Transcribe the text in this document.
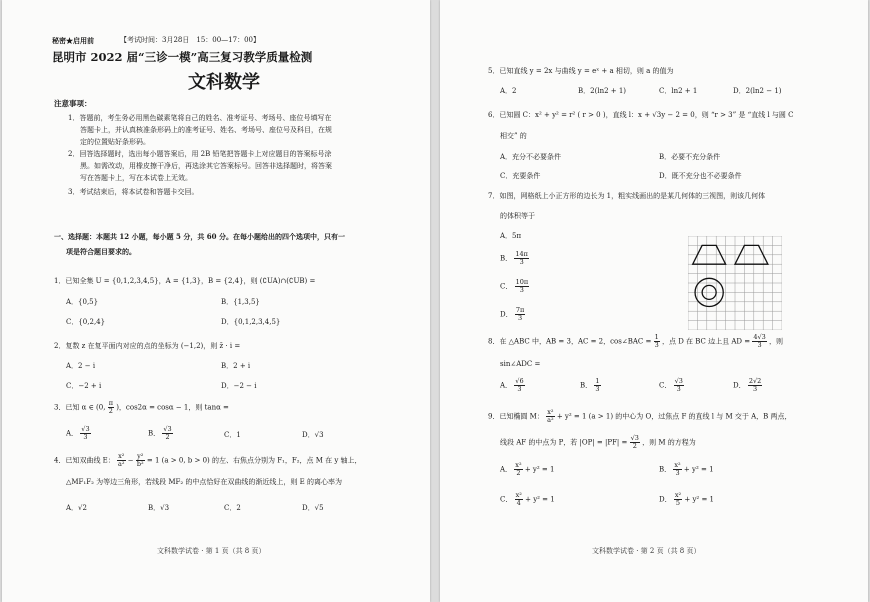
秘密★启用前	【考试时间：3月28日　15：00—17：00】
昆明市 2022 届“三诊一模”高三复习教学质量检测
文科数学
注意事项：
1．答题前，考生务必用黑色碳素笔将自己的姓名、准考证号、考场号、座位号填写在
答题卡上，并认真核准条形码上的准考证号、姓名、考场号、座位号及科目，在规
定的位置贴好条形码。
2．回答选择题时，选出每小题答案后，用 2B 铅笔把答题卡上对应题目的答案标号涂
黑。如需改动，用橡皮擦干净后，再选涂其它答案标号。回答非选择题时，将答案
写在答题卡上，写在本试卷上无效。
3．考试结束后，将本试卷和答题卡交回。
一、选择题：本题共 12 小题，每小题 5 分，共 60 分。在每小题给出的四个选项中，只有一
项是符合题目要求的。
1．已知全集 U = {0,1,2,3,4,5}，A = {1,3}，B = {2,4}，则 (∁UA)∩(∁UB) =
A．{0,5}	B．{1,3,5}
C．{0,2,4}	D．{0,1,2,3,4,5}
2．复数 z 在复平面内对应的点的坐标为 (−1,2)，则 z̄ · i =
A．2 − i	B．2 + i
C．−2 + i	D．−2 − i
3．已知 α ∈ (0, $\frac{\pi}{2}$ )，cos2α = cosα − 1，则 tanα =
A． $\frac{√3}{3}$	B． $\frac{√3}{2}$	C．1	D．√3
4．已知双曲线 E： $\frac{\text{x²}}{\text{a²}} - \frac{\text{y²}}{\text{b²}} = 1$ (a > 0, b > 0) 的左、右焦点分别为 F₁，F₂，点 M 在 y 轴上，
△MF₁F₂ 为等边三角形，若线段 MF₂ 的中点恰好在双曲线的渐近线上，则 E 的离心率为
A．√2	B．√3	C．2	D．√5
文科数学试卷 · 第 1 页（共 8 页）
5．已知直线 y = 2x 与曲线 y = eˣ + a 相切，则 a 的值为
A．2	B．2(ln2 + 1)	C．ln2 + 1	D．2(ln2 − 1)
6．已知圆 C：x² + y² = r² ( r > 0 )，直线 l：x + √3y − 2 = 0，则 “r > 3” 是 “直线 l 与圆 C
相交” 的
A．充分不必要条件	B．必要不充分条件
C．充要条件	D．既不充分也不必要条件
7．如图，网格纸上小正方形的边长为 1，粗实线画出的是某几何体的三视图，则该几何体
的体积等于
A．5π
B． $\frac{14\pi}{3}$
C． $\frac{10\pi}{3}$
D． $\frac{7\pi}{3}$
8．在 △ABC 中，AB = 3，AC = 2，cos∠BAC = $\frac{1}{3}$ ，点 D 在 BC 边上且 AD = $\frac{4√3}{3}$ ，则
sin∠ADC =
A． $\frac{√6}{3}$	B． $\frac{1}{3}$	C． $\frac{√3}{3}$	D． $\frac{2√2}{3}$
9．已知椭圆 M： $\frac{\text{x²}}{\text{a²}} + y^2 = 1$ (a > 1) 的中心为 O，过焦点 F 的直线 l 与 M 交于 A，B 两点，
线段 AF 的中点为 P，若 $|OP| = |PF| = \frac{√3}{2}$ ，则 M 的方程为
A． $\frac{\text{x²}}{2} + y^2 = 1$	B． $\frac{\text{x²}}{3} + y^2 = 1$
C． $\frac{\text{x²}}{4} + y^2 = 1$	D． $\frac{\text{x²}}{5} + y^2 = 1$
文科数学试卷 · 第 2 页（共 8 页）
